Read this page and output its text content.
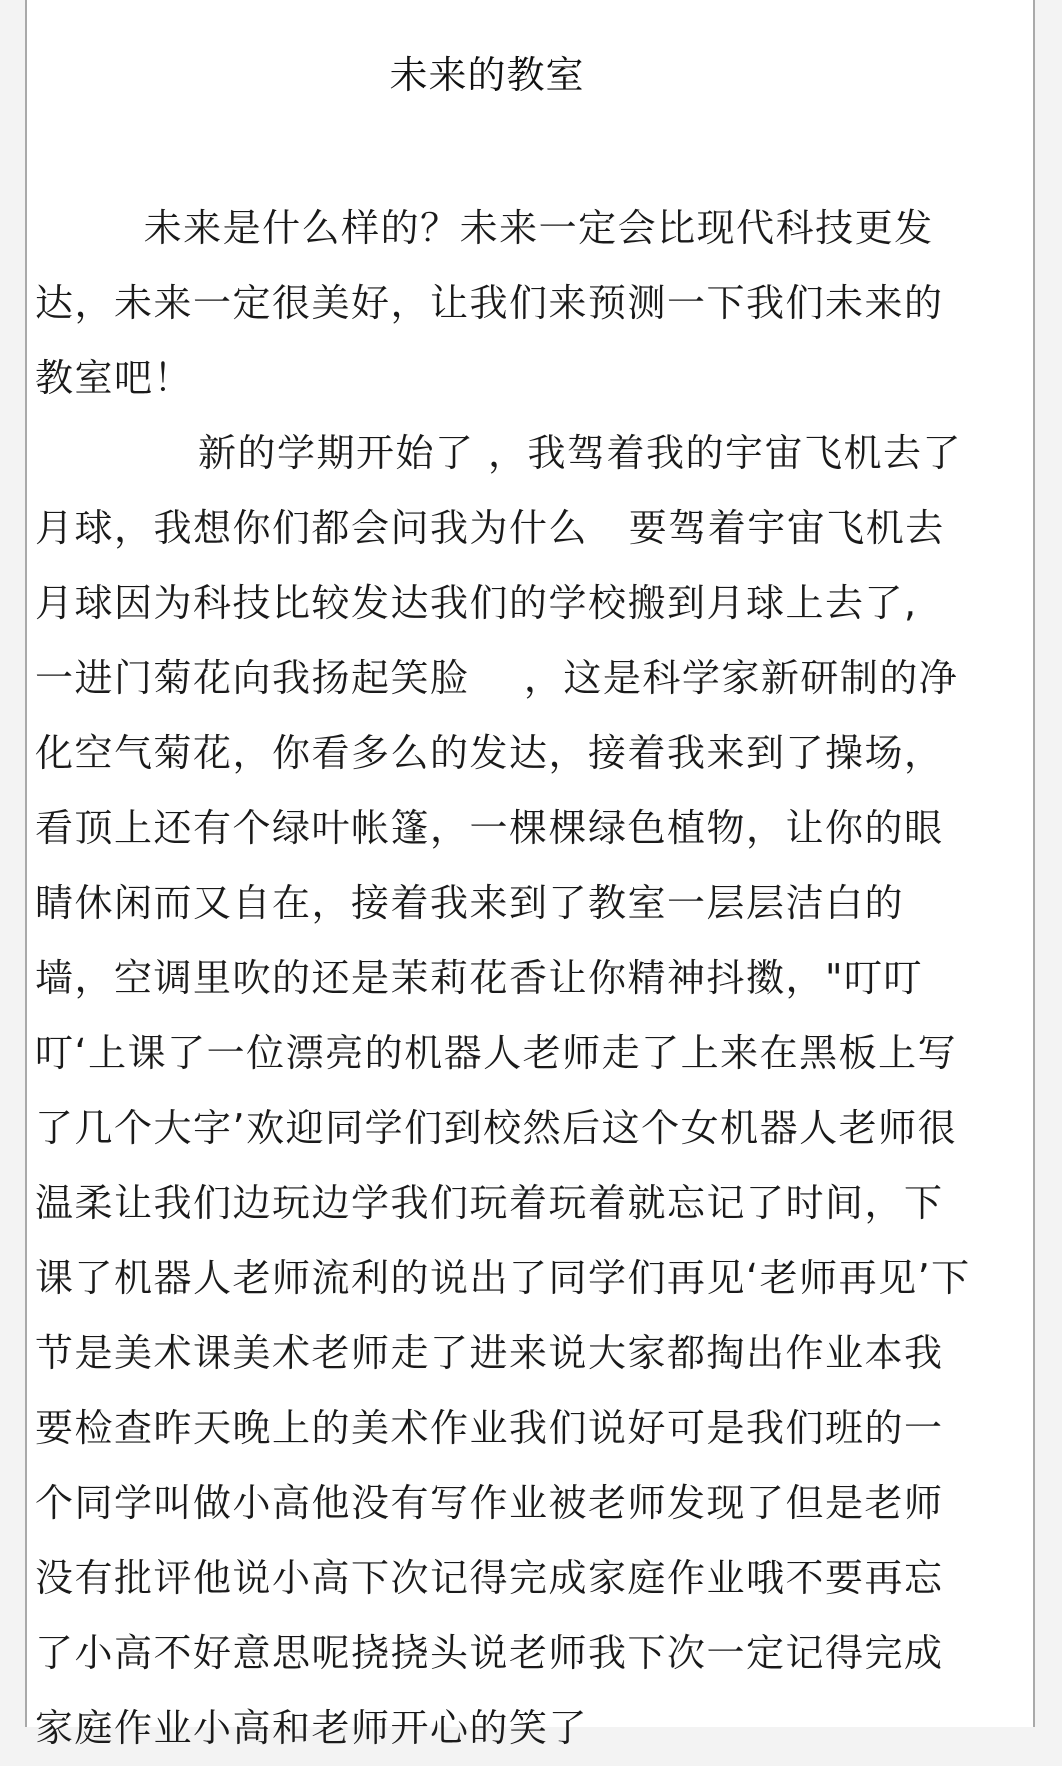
未来的教室
未来是什么样的？未来一定会比现代科技更发
达，未来一定很美好，让我们来预测一下我们未来的
教室吧！
新的学期开始了 ，我驾着我的宇宙飞机去了
月球，我想你们都会问我为什么   要驾着宇宙飞机去
月球因为科技比较发达我们的学校搬到月球上去了,
一进门菊花向我扬起笑脸    ，这是科学家新研制的净
化空气菊花，你看多么的发达，接着我来到了操场，
看顶上还有个绿叶帐篷，一棵棵绿色植物，让你的眼
睛休闲而又自在，接着我来到了教室一层层洁白的
墙，空调里吹的还是茉莉花香让你精神抖擞，"叮叮
叮‘上课了一位漂亮的机器人老师走了上来在黑板上写
了几个大字’欢迎同学们到校然后这个女机器人老师很
温柔让我们边玩边学我们玩着玩着就忘记了时间，下
课了机器人老师流利的说出了同学们再见‘老师再见’下
节是美术课美术老师走了进来说大家都掏出作业本我
要检查昨天晚上的美术作业我们说好可是我们班的一
个同学叫做小高他没有写作业被老师发现了但是老师
没有批评他说小高下次记得完成家庭作业哦不要再忘
了小高不好意思呢挠挠头说老师我下次一定记得完成
家庭作业小高和老师开心的笑了
